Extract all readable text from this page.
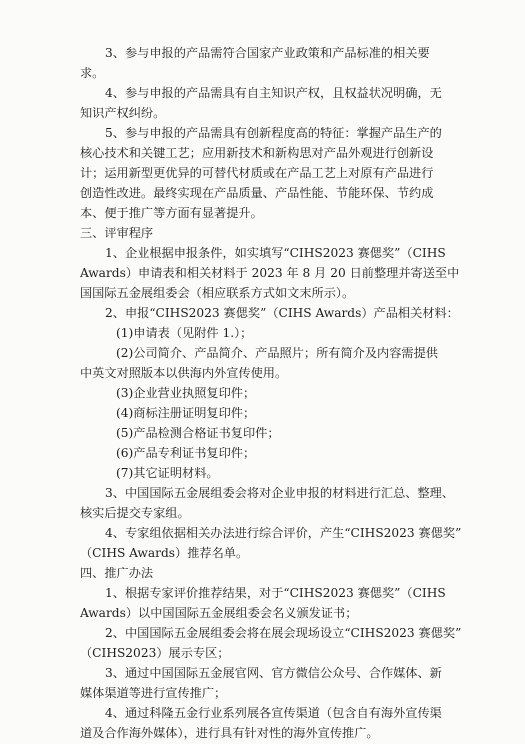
3、参与申报的产品需符合国家产业政策和产品标准的相关要
求。
4、参与申报的产品需具有自主知识产权，且权益状况明确，无
知识产权纠纷。
5、参与申报的产品需具有创新程度高的特征：掌握产品生产的
核心技术和关键工艺；应用新技术和新构思对产品外观进行创新设
计；运用新型更优异的可替代材质或在产品工艺上对原有产品进行
创造性改进。最终实现在产品质量、产品性能、节能环保、节约成
本、便于推广等方面有显著提升。
三、评审程序
1、企业根据申报条件，如实填写“CIHS2023 赛偲奖”（CIHS
Awards）申请表和相关材料于 2023 年 8 月 20 日前整理并寄送至中
国国际五金展组委会（相应联系方式如文末所示）。
2、申报“CIHS2023 赛偲奖”（CIHS Awards）产品相关材料：
(1)申请表（见附件 1.）；
(2)公司简介、产品简介、产品照片；所有简介及内容需提供
中英文对照版本以供海内外宣传使用。
(3)企业营业执照复印件；
(4)商标注册证明复印件；
(5)产品检测合格证书复印件；
(6)产品专利证书复印件；
(7)其它证明材料。
3、中国国际五金展组委会将对企业申报的材料进行汇总、整理、
核实后提交专家组。
4、专家组依据相关办法进行综合评价，产生“CIHS2023 赛偲奖”
（CIHS Awards）推荐名单。
四、推广办法
1、根据专家评价推荐结果，对于“CIHS2023 赛偲奖”（CIHS
Awards）以中国国际五金展组委会名义颁发证书；
2、中国国际五金展组委会将在展会现场设立“CIHS2023 赛偲奖”
（CIHS2023）展示专区；
3、通过中国国际五金展官网、官方微信公众号、合作媒体、新
媒体渠道等进行宣传推广；
4、通过科隆五金行业系列展各宣传渠道（包含自有海外宣传渠
道及合作海外媒体），进行具有针对性的海外宣传推广。
